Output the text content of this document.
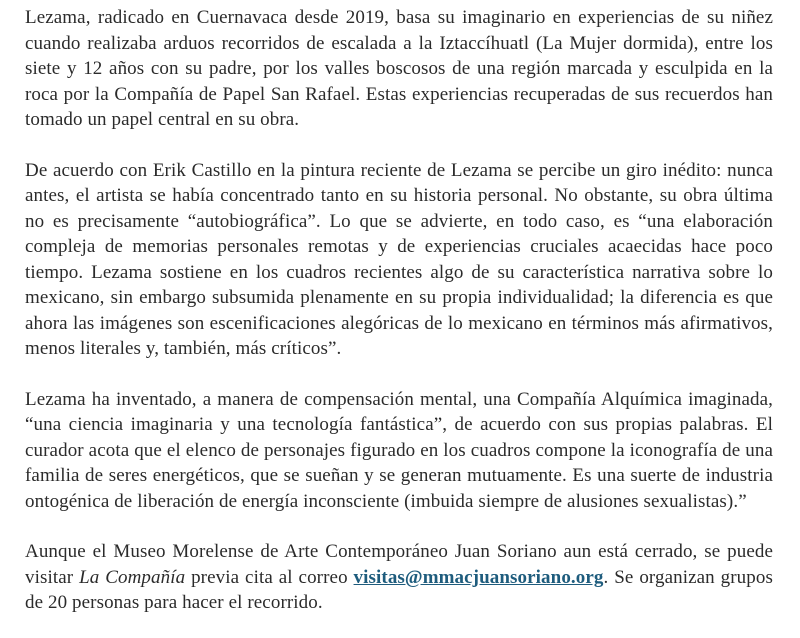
Lezama, radicado en Cuernavaca desde 2019, basa su imaginario en experiencias de su niñez cuando realizaba arduos recorridos de escalada a la Iztaccíhuatl (La Mujer dormida), entre los siete y 12 años con su padre, por los valles boscosos de una región marcada y esculpida en la roca por la Compañía de Papel San Rafael. Estas experiencias recuperadas de sus recuerdos han tomado un papel central en su obra.

De acuerdo con Erik Castillo en la pintura reciente de Lezama se percibe un giro inédito: nunca antes, el artista se había concentrado tanto en su historia personal. No obstante, su obra última no es precisamente “autobiográfica”. Lo que se advierte, en todo caso, es “una elaboración compleja de memorias personales remotas y de experiencias cruciales acaecidas hace poco tiempo. Lezama sostiene en los cuadros recientes algo de su característica narrativa sobre lo mexicano, sin embargo subsumida plenamente en su propia individualidad; la diferencia es que ahora las imágenes son escenificaciones alegóricas de lo mexicano en términos más afirmativos, menos literales y, también, más críticos”.

Lezama ha inventado, a manera de compensación mental, una Compañía Alquímica imaginada, “una ciencia imaginaria y una tecnología fantástica”, de acuerdo con sus propias palabras. El curador acota que el elenco de personajes figurado en los cuadros compone la iconografía de una familia de seres energéticos, que se sueñan y se generan mutuamente. Es una suerte de industria ontogénica de liberación de energía inconsciente (imbuida siempre de alusiones sexualistas).”

Aunque el Museo Morelense de Arte Contemporáneo Juan Soriano aun está cerrado, se puede visitar La Compañía previa cita al correo visitas@mmacjuansoriano.org. Se organizan grupos de 20 personas para hacer el recorrido.
